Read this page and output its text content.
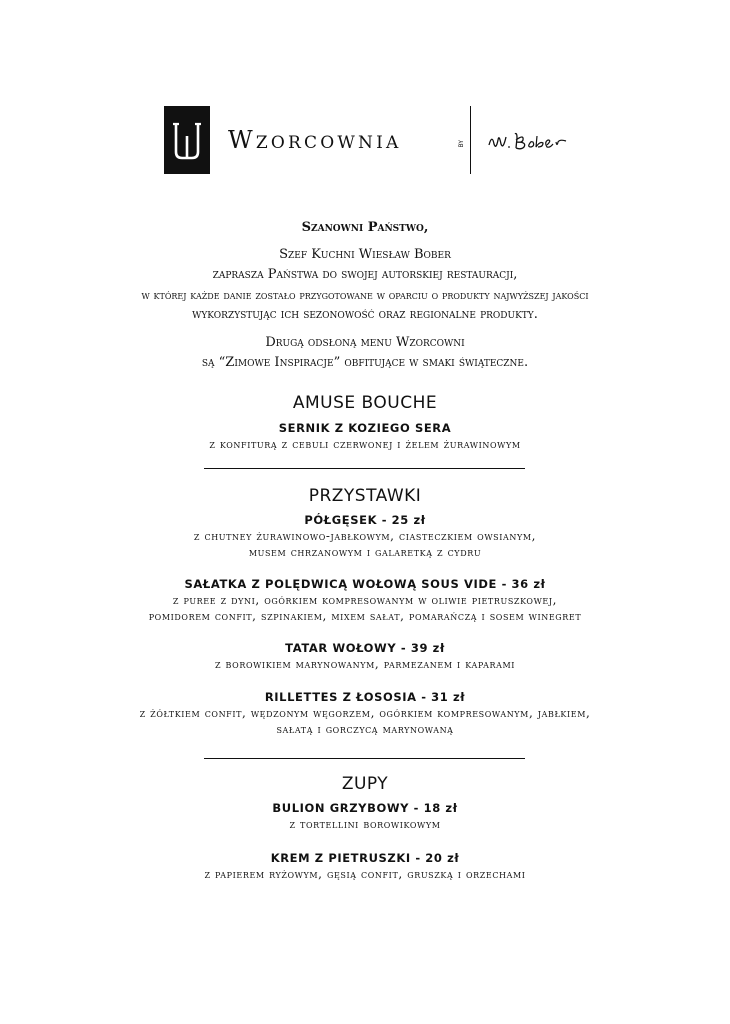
Wzorcownia	BY
Szanowni Państwo,
Szef Kuchni Wiesław Bober
zaprasza Państwa do swojej autorskiej restauracji,
w której każde danie zostało przygotowane w oparciu o produkty najwyższej jakości
wykorzystując ich sezonowość oraz regionalne produkty.
Drugą odsłoną menu Wzorcowni
są “Zimowe Inspiracje” obfitujące w smaki świąteczne.
AMUSE BOUCHE
SERNIK Z KOZIEGO SERA
z konfiturą z cebuli czerwonej i żelem żurawinowym
PRZYSTAWKI
PÓŁGĘSEK - 25 zł
z chutney żurawinowo-jabłkowym, ciasteczkiem owsianym,
musem chrzanowym i galaretką z cydru
SAŁATKA Z POLĘDWICĄ WOŁOWĄ SOUS VIDE - 36 zł
z puree z dyni, ogórkiem kompresowanym w oliwie pietruszkowej,
pomidorem confit, szpinakiem, mixem sałat, pomarańczą i sosem winegret
TATAR WOŁOWY - 39 zł
z borowikiem marynowanym, parmezanem i kaparami
RILLETTES Z ŁOSOSIA - 31 zł
z żółtkiem confit, wędzonym węgorzem, ogórkiem kompresowanym, jabłkiem,
sałatą i gorczycą marynowaną
ZUPY
BULION GRZYBOWY - 18 zł
z tortellini borowikowym
KREM Z PIETRUSZKI - 20 zł
z papierem ryżowym, gęsią confit, gruszką i orzechami
